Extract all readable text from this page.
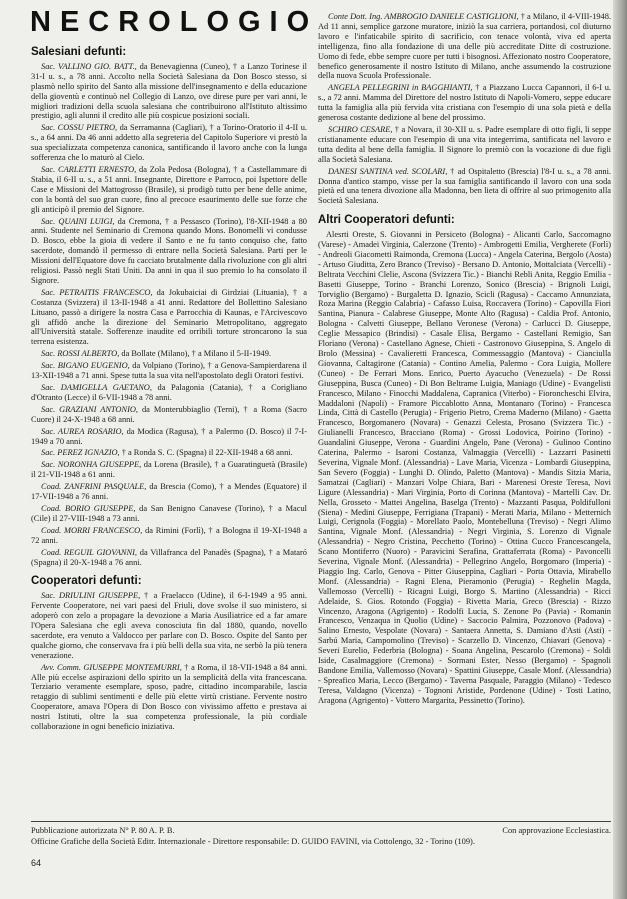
NECROLOGIO
Salesiani defunti:

Sac. VALLINO GIO. BATT., da Benevagienna (Cuneo), † a Lanzo Torinese il 31-I u. s., a 78 anni. Accolto nella Società Salesiana da Don Bosco stesso, si plasmò nello spirito del Santo alla missione dell'insegnamento e della educazione della gioventù e continuò nel Collegio di Lanzo, ove direse pure per vari anni, le migliori tradizioni della scuola salesiana che contribuirono all'Istituto altissimo prestigio, agli alunni il credito alle più cospicue posizioni sociali.

Sac. COSSU PIETRO, da Serramanna (Cagliari), † a Torino-Oratorio il 4-II u. s., a 64 anni. Da 46 anni addetto alla segreteria del Capitolo Superiore vi prestò la sua specializzata competenza canonica, santificando il lavoro anche con la lunga sofferenza che lo maturò al Cielo.

Sac. CARLETTI ERNESTO, da Zola Pedosa (Bologna), † a Castellammare di Stabia, il 6-II u. s., a 51 anni. Insegnante, Direttore e Parroco, poi Ispettore delle Case e Missioni del Mattogrosso (Brasile), si prodigò tutto per bene delle anime, con la bontà del suo gran cuore, fino al precoce esaurimento delle sue forze che gli anticipò il premio del Signore.

Sac. QUAINI LUIGI, da Cremona, † a Pessasco (Torino), l'8-XII-1948 a 80 anni. Studente nel Seminario di Cremona quando Mons. Bonomelli vi condusse D. Bosco, ebbe la gioia di vedere il Santo e ne fu tanto conquiso che, fatto sacerdote, domandò il permesso di entrare nella Società Salesiana. Parti per le Missioni dell'Equatore dove fu cacciato brutalmente dalla rivoluzione con gli altri religiosi. Passò negli Stati Uniti. Da anni in qua il suo premio lo ha consolato il Signore.

Sac. PETRAITIS FRANCESCO, da Jokubaiciai di Girdziai (Lituania), † a Costanza (Svizzera) il 13-II-1948 a 41 anni. Redattore del Bollettino Salesiano Lituano, passò a dirigere la nostra Casa e Parrocchia di Kaunas, e l'Arcivescovo gli affidò anche la direzione del Seminario Metropolitano, aggregato all'Università statale. Sofferenze inaudite ed orribili torture stroncarono la sua terrena esistenza.

Sac. ROSSI ALBERTO, da Bollate (Milano), † a Milano il 5-II-1949.

Sac. BIGANO EUGENIO, da Volpiano (Torino), † a Genova-Sampierdarena il 13-XII-1948 a 71 anni. Spese tutta la sua vita nell'apostolato degli Oratori festivi.

Sac. DAMIGELLA GAETANO, da Palagonia (Catania), † a Corigliano d'Otranto (Lecce) il 6-VII-1948 a 78 anni.

Sac. GRAZIANI ANTONIO, da Monterubbiaglio (Terni), † a Roma (Sacro Cuore) il 24-X-1948 a 68 anni.

Sac. AUREA ROSARIO, da Modica (Ragusa), † a Palermo (D. Bosco) il 7-I-1949 a 70 anni.

Sac. PEREZ IGNAZIO, † a Ronda S. C. (Spagna) il 22-XII-1948 a 68 anni.

Sac. NORONHA GIUSEPPE, da Lorena (Brasile), † a Guaratinguetà (Brasile) il 21-VII-1948 a 61 anni.

Coad. ZANFRINI PASQUALE, da Brescia (Como), † a Mendes (Equatore) il 17-VII-1948 a 76 anni.

Coad. BORIO GIUSEPPE, da San Benigno Canavese (Torino), † a Macul (Cile) il 27-VIII-1948 a 73 anni.

Coad. MORRI FRANCESCO, da Rimini (Forlì), † a Bologna il 19-XI-1948 a 72 anni.

Coad. REGUIL GIOVANNI, da Villafranca del Panadès (Spagna), † a Mataró (Spagna) il 20-X-1948 a 76 anni.

Cooperatori defunti:

Sac. DRIULINI GIUSEPPE, † a Fraelacco (Udine), il 6-I-1949 a 95 anni. Fervente Cooperatore, nei vari paesi del Friuli, dove svolse il suo ministero, si adoperò con zelo a propagare la devozione a Maria Ausiliatrice ed a far amare l'Opera Salesiana che egli aveva conosciuta fin dal 1880, quando, novello sacerdote, era venuto a Valdocco per parlare con D. Bosco. Ospite del Santo per qualche giorno, che conservava fra i più belli della sua vita, ne serbò la più tenera venerazione.

Avv. Comm. GIUSEPPE MONTEMURRI, † a Roma, il 18-VII-1948 a 84 anni. Alle più eccelse aspirazioni dello spirito un la semplicità della vita francescana. Terziario veramente esemplare, sposo, padre, cittadino incomparabile, lascia retaggio di sublimi sentimenti e delle più elette virtù cristiane. Fervente nostro Cooperatore, amava l'Opera di Don Bosco con vivissimo affetto e prestava ai nostri Istituti, oltre la sua competenza professionale, la più cordiale collaborazione in ogni beneficio iniziativa.

Conte Dott. Ing. AMBROGIO DANIELE CASTIGLIONI, † a Milano, il 4-VIII-1948. Ad 11 anni, semplice garzone muratore, iniziò la sua carriera, portandosi, col diuturno lavoro e l'infaticabile spirito di sacrificio, con tenace volontà, viva ed aperta intelligenza, fino alla fondazione di una delle più accreditate Ditte di costruzione. Uomo di fede, ebbe sempre cuore per tutti i bisognosi. Affezionato nostro Cooperatore, benefico generosamente il nostro Istituto di Milano, anche assumendo la costruzione della nuova Scuola Professionale.

ANGELA PELLEGRINI in BAGGHIANTI, † a Piazzano Lucca Capannori, il 6-I u. s., a 72 anni. Mamma del Direttore del nostro Istituto di Napoli-Vomero, seppe educare tutta la famiglia alla più fervida vita cristiana con l'esempio di una sola pietà e della generosa costante dedizione al bene del prossimo.

SCHIRO CESARE, † a Novara, il 30-XII u. s. Padre esemplare di otto figli, li seppe cristianamente educare con l'esempio di una vita integerrima, santificata nel lavoro e tutta dedita al bene della famiglia. Il Signore lo premiò con la vocazione di due figli alla Società Salesiana.

DANESI SANTINA ved. SCOLARI, † ad Ospitaletto (Brescia) l'8-I u. s., a 78 anni. Donna d'antico stampo, visse per la sua famiglia santificando il lavoro con una soda pietà ed una tenera divozione alla Madonna, ben lieta di offrire al suo primogenito alla Società Salesiana.

Altri Cooperatori defunti:

Alesrti Oreste, S. Giovanni in Persiceto (Bologna) - Alicanti Carlo, Saccomagno (Varese) - Amadei Virginia, Calerzone (Trento) - Ambrogetti Emilia, Vergherete (Forlì) - Andreoli Giacometti Raimonda, Cremona (Lucca) - Angela Caterina, Bergolo (Aosta) - Artuso Giuditta, Zero Branco (Treviso) - Bersano D. Antonio, Mottalciata (Vercelli) - Beltrata Vecchini Clelie, Ascona (Svizzera Tic.) - Bianchi Rebli Anita, Reggio Emilia - Basetti Giuseppe, Torino - Branchi Lorenzo, Sonico (Brescia) - Brignoli Luigi, Torviglio (Bergamo) - Burgaletta D. Ignazio, Scicli (Ragusa) - Caccamo Annunziata, Roza Marina (Reggio Calabria) - Cafasso Luisa, Roccavera (Torino) - Capovilla Fiori Santina, Pianura - Calabrese Giuseppe, Monte Alto (Ragusa) - Caldia Prof. Antonio, Bologna - Calvetti Giuseppe, Bellano Veronese (Verona) - Carlucci D. Giuseppe, Ceglie Messapico (Brindisi) - Casale Elisa, Bergamo - Castellani Remigio, San Floriano (Verona) - Castellano Agnese, Chieti - Castronovo Giuseppina, S. Angelo di Brolo (Messina) - Cavalieretti Francesca, Commessaggio (Mantova) - Cianciulla Giovanna, Caltagirone (Catania) - Contino Amelia, Palermo - Cora Luigia, Mollere (Cuneo) - De Ferrari Mons. Enrico, Puerto Ayacucho (Venezuela) - De Rossi Giuseppina, Busca (Cuneo) - Di Bon Beltrame Luigia, Maniago (Udine) - Evangelisti Francesco, Milano - Finocchi Maddalena, Capranica (Viterbo) - Fioroncheschi Elvira, Maddaloni (Napoli) - Framore Piccablotto Anna, Montanaro (Torino) - Francesca Linda, Città di Castello (Perugia) - Frigerio Pietro, Crema Maderno (Milano) - Gaetta Francesco, Borgomanero (Novara) - Genazzi Celesta, Prosano (Svizzera Tic.) - Giulianelli Francesco, Bracciano (Roma) - Grossi Lodovica, Poirino (Torino) - Guandalini Giuseppe, Verona - Guardini Angelo, Pane (Verona) - Gulinoo Contino Caterina, Palermo - Isaroni Costanza, Valmaggia (Vercelli) - Lazzarri Pasinetti Severina, Vignale Monf. (Alessandria) - Lave Maria, Vicenza - Lombardi Giuseppina, San Severo (Foggia) - Lunghi D. Olindo, Paletto (Mantova) - Mandis Sitzia Maria, Samatzai (Cagliari) - Manzari Volpe Chiara, Bari - Marenesi Oreste Teresa, Novi Ligure (Alessandria) - Mari Virginia, Porto di Corinna (Mantova) - Martelli Cav. Dr. Nella, Grosseto - Mattei Angelina, Baselga (Trento) - Mazzanti Pasqua, Poldifulloni (Siena) - Medini Giuseppe, Ferrigiana (Trapani) - Merati Maria, Milano - Metternich Luigi, Cerignola (Foggia) - Morellato Paolo, Montebelluna (Treviso) - Negri Alimo Santina, Vignale Monf. (Alessandria) - Negri Virginia, S. Lorenzo di Vignale (Alessandria) - Negro Cristina, Pecchetto (Torino) - Ottina Cucco Francescangela, Scano Montiferro (Nuoro) - Paravicini Serafina, Grattaferrata (Roma) - Pavoncelli Severina, Vignale Monf. (Alessandria) - Pellegrino Angelo, Borgomaro (Imperia) - Piaggio Ing. Carlo, Genova - Pitter Giuseppina, Cagliari - Porta Ottavia, Mirabello Monf. (Alessandria) - Ragni Elena, Pieramonio (Perugia) - Reghelin Magda, Vallemosso (Vercelli) - Ricagni Luigi, Borgo S. Martino (Alessandria) - Ricci Adelaide, S. Gios. Rotondo (Foggia) - Rivetta Maria, Greco (Brescia) - Rizzo Vincenzo, Aragona (Agrigento) - Rodolfi Lucia, S. Zenone Po (Pavia) - Romanin Francesco, Venzaqua in Quolio (Udine) - Saccocio Palmira, Pozzonovo (Padova) - Salino Ernesto, Vespolate (Novara) - Santaera Annetta, S. Damiano d'Asti (Asti) - Sarbú Maria, Campomolino (Treviso) - Scarzello D. Vincenzo, Chiavari (Genova) - Severi Eurelio, Federbria (Bologna) - Soana Angelina, Pescarolo (Cremona) - Soldi Iside, Casalmaggiore (Cremona) - Sormani Ester, Nesso (Bergamo) - Spagnoli Bandone Emilia, Vallemosso (Novara) - Spattini Giuseppe, Casale Monf. (Alessandria) - Spreafico Maria, Lecco (Bergamo) - Taverna Pasquale, Paraggio (Milano) - Tedesco Teresa, Valdagno (Vicenza) - Tognoni Aristide, Pordenone (Udine) - Tosti Latino, Aragona (Agrigento) - Vottero Margarita, Pessinetto (Torino).

Pubblicazione autorizzata N° P. 80 A. P. B.	Con approvazione Ecclesiastica.
Officine Grafiche della Società Editr. Internazionale - Direttore responsabile: D. GUIDO FAVINI, via Cottolengo, 32 - Torino (109).
64
